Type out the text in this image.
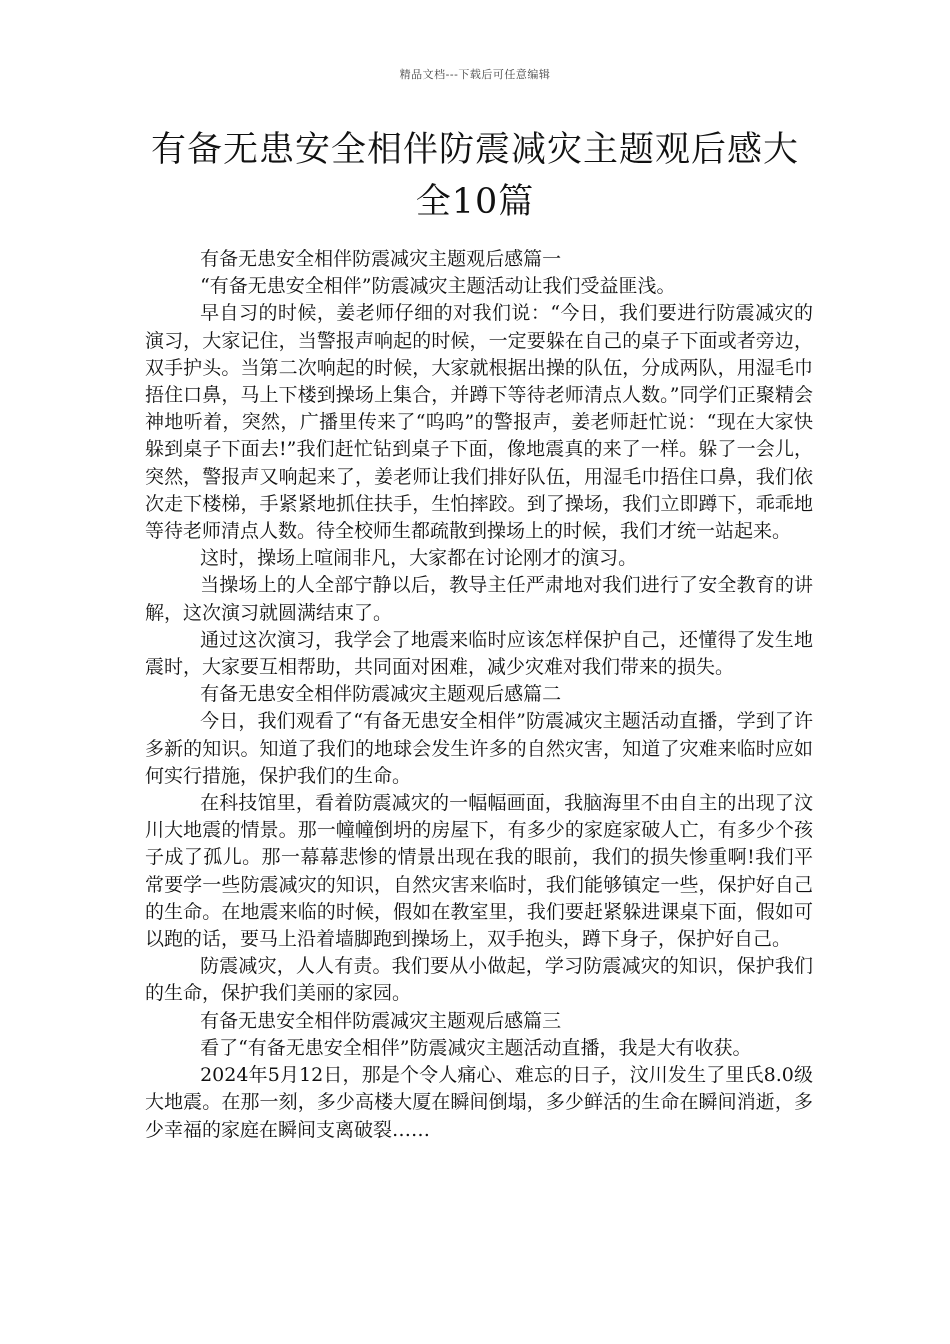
精品文档---下载后可任意编辑
有备无患安全相伴防震减灾主题观后感大全10篇

有备无患安全相伴防震减灾主题观后感篇一

“有备无患安全相伴”防震减灾主题活动让我们受益匪浅。

早自习的时候，姜老师仔细的对我们说：“今日，我们要进行防震减灾的演习，大家记住，当警报声响起的时候，一定要躲在自己的桌子下面或者旁边，双手护头。当第二次响起的时候，大家就根据出操的队伍，分成两队，用湿毛巾捂住口鼻，马上下楼到操场上集合，并蹲下等待老师清点人数。”同学们正聚精会神地听着，突然，广播里传来了“呜呜”的警报声，姜老师赶忙说：“现在大家快躲到桌子下面去!”我们赶忙钻到桌子下面，像地震真的来了一样。躲了一会儿，突然，警报声又响起来了，姜老师让我们排好队伍，用湿毛巾捂住口鼻，我们依次走下楼梯，手紧紧地抓住扶手，生怕摔跤。到了操场，我们立即蹲下，乖乖地等待老师清点人数。待全校师生都疏散到操场上的时候，我们才统一站起来。

这时，操场上喧闹非凡，大家都在讨论刚才的演习。

当操场上的人全部宁静以后，教导主任严肃地对我们进行了安全教育的讲解，这次演习就圆满结束了。

通过这次演习，我学会了地震来临时应该怎样保护自己，还懂得了发生地震时，大家要互相帮助，共同面对困难，减少灾难对我们带来的损失。

有备无患安全相伴防震减灾主题观后感篇二

今日，我们观看了“有备无患安全相伴”防震减灾主题活动直播，学到了许多新的知识。知道了我们的地球会发生许多的自然灾害，知道了灾难来临时应如何实行措施，保护我们的生命。

在科技馆里，看着防震减灾的一幅幅画面，我脑海里不由自主的出现了汶川大地震的情景。那一幢幢倒坍的房屋下，有多少的家庭家破人亡，有多少个孩子成了孤儿。那一幕幕悲惨的情景出现在我的眼前，我们的损失惨重啊!我们平常要学一些防震减灾的知识，自然灾害来临时，我们能够镇定一些，保护好自己的生命。在地震来临的时候，假如在教室里，我们要赶紧躲进课桌下面，假如可以跑的话，要马上沿着墙脚跑到操场上，双手抱头，蹲下身子，保护好自己。

防震减灾，人人有责。我们要从小做起，学习防震减灾的知识，保护我们的生命，保护我们美丽的家园。

有备无患安全相伴防震减灾主题观后感篇三

看了“有备无患安全相伴”防震减灾主题活动直播，我是大有收获。

2024年5月12日，那是个令人痛心、难忘的日子，汶川发生了里氏8.0级大地震。在那一刻，多少高楼大厦在瞬间倒塌，多少鲜活的生命在瞬间消逝，多少幸福的家庭在瞬间支离破裂……
